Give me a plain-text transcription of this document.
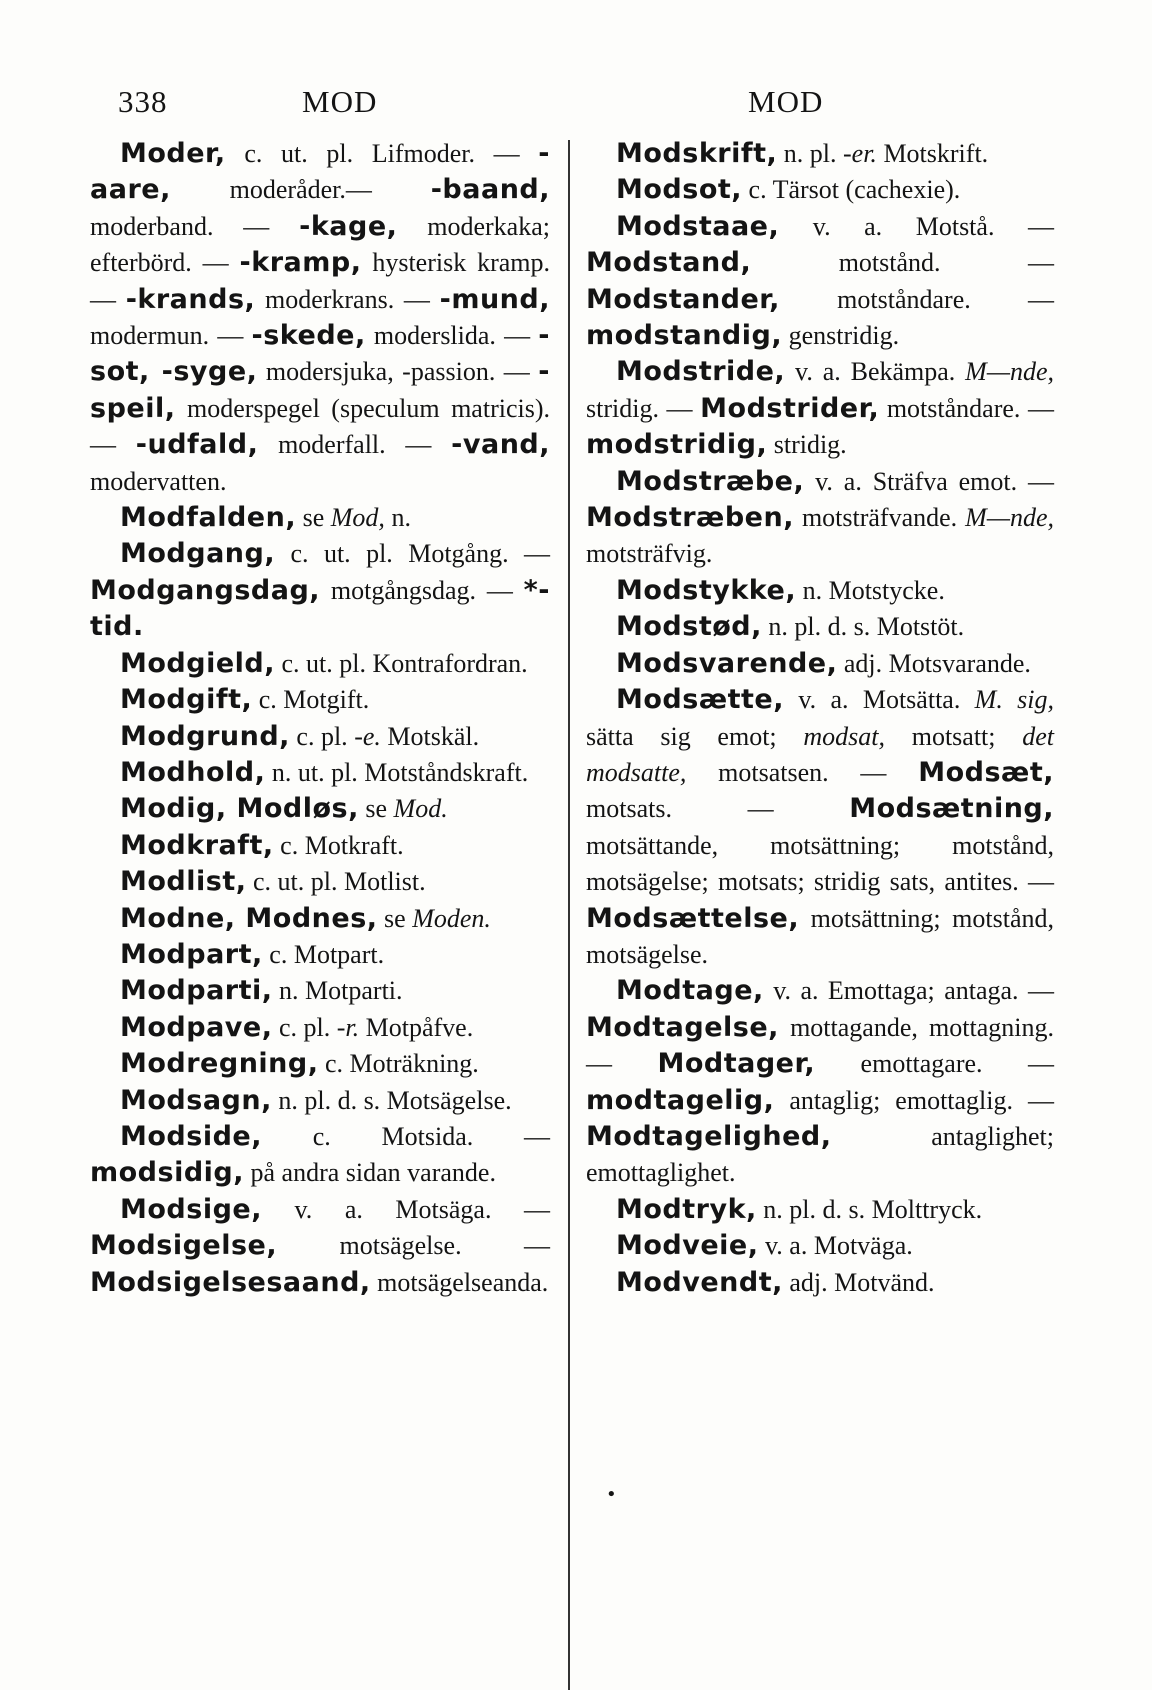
338	MOD	MOD

Moder, c. ut. pl. Lifmoder. — -aare, moderåder.— -baand, moderband. — -kage, moderkaka; efterbörd. — -kramp, hysterisk kramp. — -krands, moderkrans. — -mund, modermun. — -skede, moderslida. — -sot, -syge, modersjuka, -passion. — -speil, moderspegel (speculum matricis). — -udfald, moderfall. — -vand, modervatten.

Modfalden, se Mod, n.

Modgang, c. ut. pl. Motgång. — Modgangsdag, motgångsdag. — *-tid.

Modgield, c. ut. pl. Kontrafordran.

Modgift, c. Motgift.

Modgrund, c. pl. -e. Motskäl.

Modhold, n. ut. pl. Motståndskraft.

Modig, Modløs, se Mod.

Modkraft, c. Motkraft.

Modlist, c. ut. pl. Motlist.

Modne, Modnes, se Moden.

Modpart, c. Motpart.

Modparti, n. Motparti.

Modpave, c. pl. -r. Motpåfve.

Modregning, c. Moträkning.

Modsagn, n. pl. d. s. Motsägelse.

Modside, c. Motsida. — modsidig, på andra sidan varande.

Modsige, v. a. Motsäga. — Modsigelse, motsägelse. — Modsigelsesaand, motsägelseanda.

Modskrift, n. pl. -er. Motskrift.

Modsot, c. Tärsot (cachexie).

Modstaae, v. a. Motstå. — Modstand, motstånd. — Modstander, motståndare. — modstandig, genstridig.

Modstride, v. a. Bekämpa. M—nde, stridig. — Modstrider, motståndare. — modstridig, stridig.

Modstræbe, v. a. Sträfva emot. — Modstræben, motsträfvande. M—nde, motsträfvig.

Modstykke, n. Motstycke.

Modstød, n. pl. d. s. Motstöt.

Modsvarende, adj. Motsvarande.

Modsætte, v. a. Motsätta. M. sig, sätta sig emot; modsat, motsatt; det modsatte, motsatsen. — Modsæt, motsats. — Modsætning, motsättande, motsättning; motstånd, motsägelse; motsats; stridig sats, antites. — Modsættelse, motsättning; motstånd, motsägelse.

Modtage, v. a. Emottaga; antaga. — Modtagelse, mottagande, mottagning. — Modtager, emottagare. — modtagelig, antaglig; emottaglig. — Modtagelighed, antaglighet; emottaglighet.

Modtryk, n. pl. d. s. Molttryck.

Modveie, v. a. Motväga.

Modvendt, adj. Motvänd.

•
